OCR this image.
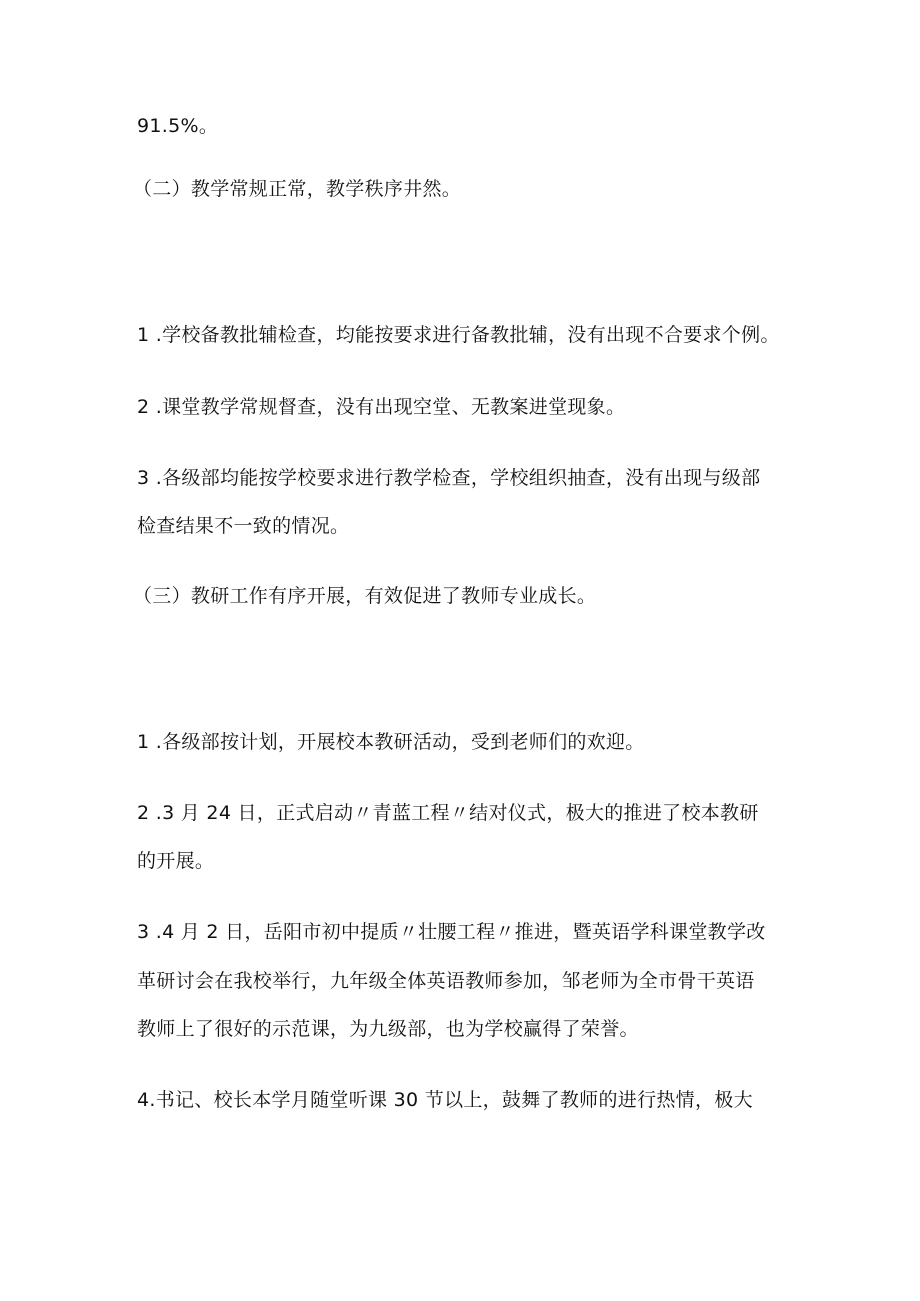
91.5%。
（二）教学常规正常，教学秩序井然。
1 .学校备教批辅检查，均能按要求进行备教批辅，没有出现不合要求个例。
2 .课堂教学常规督查，没有出现空堂、无教案进堂现象。
3 .各级部均能按学校要求进行教学检查，学校组织抽查，没有出现与级部
检查结果不一致的情况。
（三）教研工作有序开展，有效促进了教师专业成长。
1 .各级部按计划，开展校本教研活动，受到老师们的欢迎。
2 .3 月 24 日，正式启动〃青蓝工程〃结对仪式，极大的推进了校本教研
的开展。
3 .4 月 2 日，岳阳市初中提质〃壮腰工程〃推进，暨英语学科课堂教学改
革研讨会在我校举行，九年级全体英语教师参加，邹老师为全市骨干英语
教师上了很好的示范课，为九级部，也为学校赢得了荣誉。
4.书记、校长本学月随堂听课 30 节以上，鼓舞了教师的进行热情，极大
